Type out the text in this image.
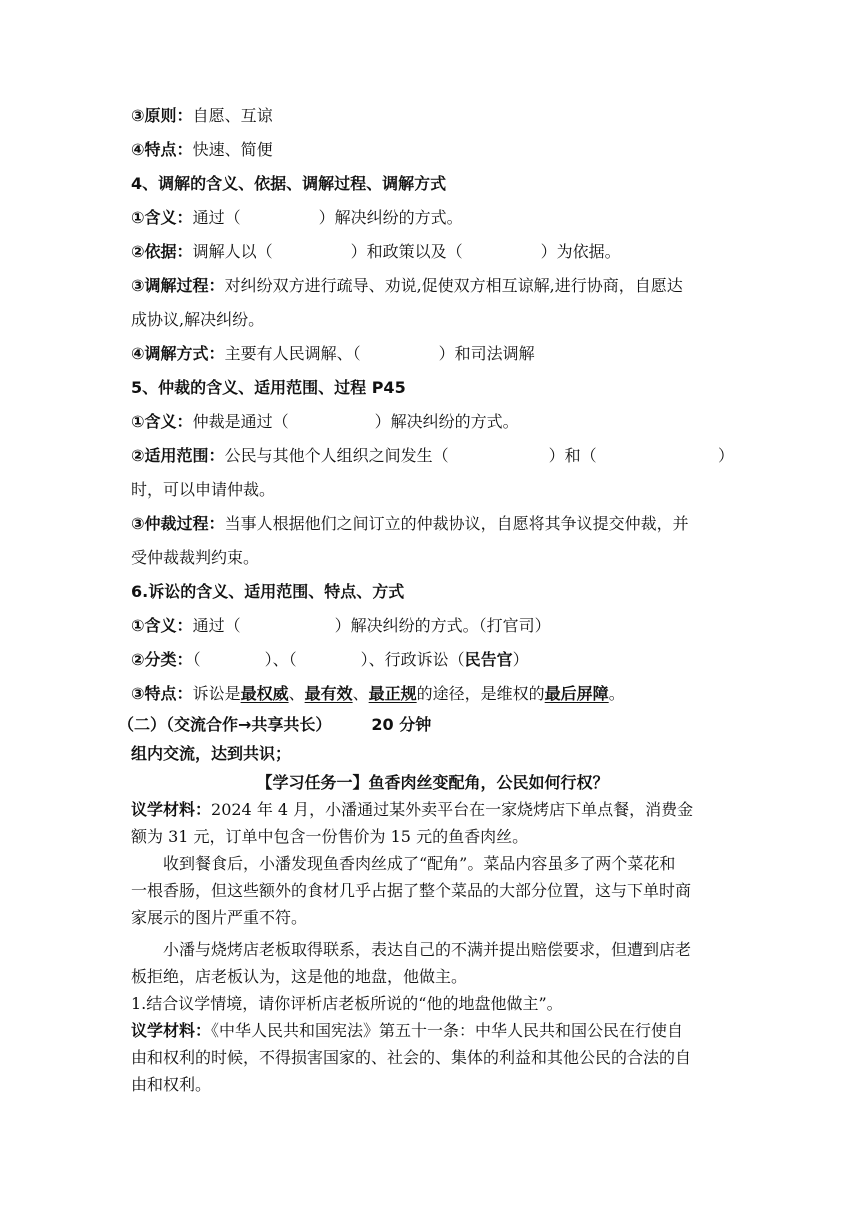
③原则：自愿、互谅
④特点：快速、简便
4、调解的含义、依据、调解过程、调解方式
①含义：通过（	）解决纠纷的方式。
②依据：调解人以（	）和政策以及（	）为依据。
③调解过程：对纠纷双方进行疏导、劝说,促使双方相互谅解,进行协商，自愿达
成协议,解决纠纷。
④调解方式：主要有人民调解、（	）和司法调解
5、仲裁的含义、适用范围、过程 P45
①含义：仲裁是通过（	）解决纠纷的方式。
②适用范围：公民与其他个人组织之间发生（	）和（	）
时，可以申请仲裁。
③仲裁过程：当事人根据他们之间订立的仲裁协议，自愿将其争议提交仲裁，并
受仲裁裁判约束。
6.诉讼的含义、适用范围、特点、方式
①含义：通过（	）解决纠纷的方式。（打官司）
②分类：（	）、（	）、行政诉讼（民告官）
③特点：诉讼是最权威、最有效、最正规的途径，是维权的最后屏障。
（二）（交流合作→共享共长）	20 分钟
组内交流，达到共识；
【学习任务一】鱼香肉丝变配角，公民如何行权？
议学材料：2024 年 4 月，小潘通过某外卖平台在一家烧烤店下单点餐，消费金
额为 31 元，订单中包含一份售价为 15 元的鱼香肉丝。
收到餐食后，小潘发现鱼香肉丝成了“配角”。菜品内容虽多了两个菜花和
一根香肠，但这些额外的食材几乎占据了整个菜品的大部分位置，这与下单时商
家展示的图片严重不符。
小潘与烧烤店老板取得联系，表达自己的不满并提出赔偿要求，但遭到店老
板拒绝，店老板认为，这是他的地盘，他做主。
1.结合议学情境，请你评析店老板所说的“他的地盘他做主”。
议学材料：《中华人民共和国宪法》第五十一条：中华人民共和国公民在行使自
由和权利的时候，不得损害国家的、社会的、集体的利益和其他公民的合法的自
由和权利。
